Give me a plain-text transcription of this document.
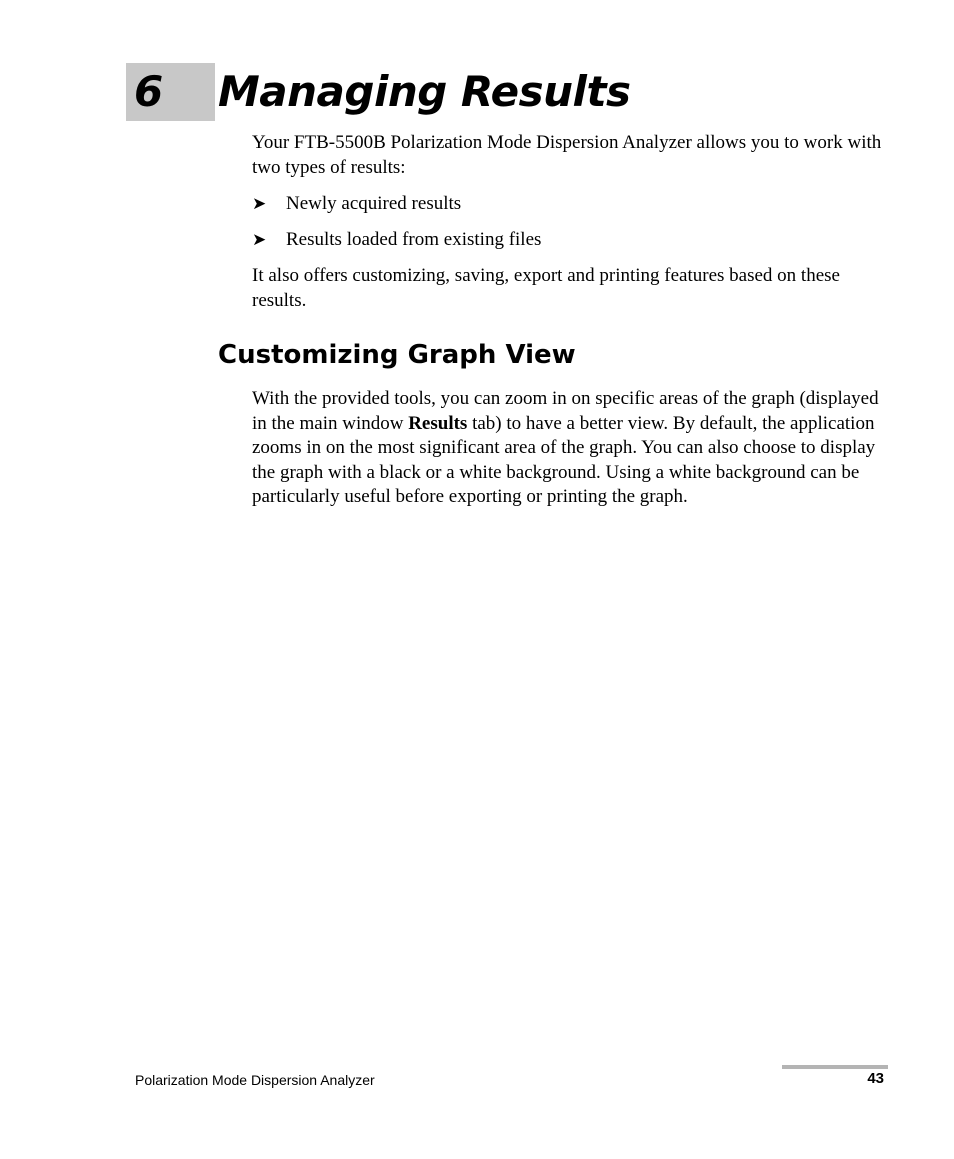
6 Managing Results

Your FTB-5500B Polarization Mode Dispersion Analyzer allows you to work with two types of results:

➤ Newly acquired results
➤ Results loaded from existing files

It also offers customizing, saving, export and printing features based on these results.

Customizing Graph View

With the provided tools, you can zoom in on specific areas of the graph (displayed in the main window Results tab) to have a better view. By default, the application zooms in on the most significant area of the graph. You can also choose to display the graph with a black or a white background. Using a white background can be particularly useful before exporting or printing the graph.

Polarization Mode Dispersion Analyzer	43
